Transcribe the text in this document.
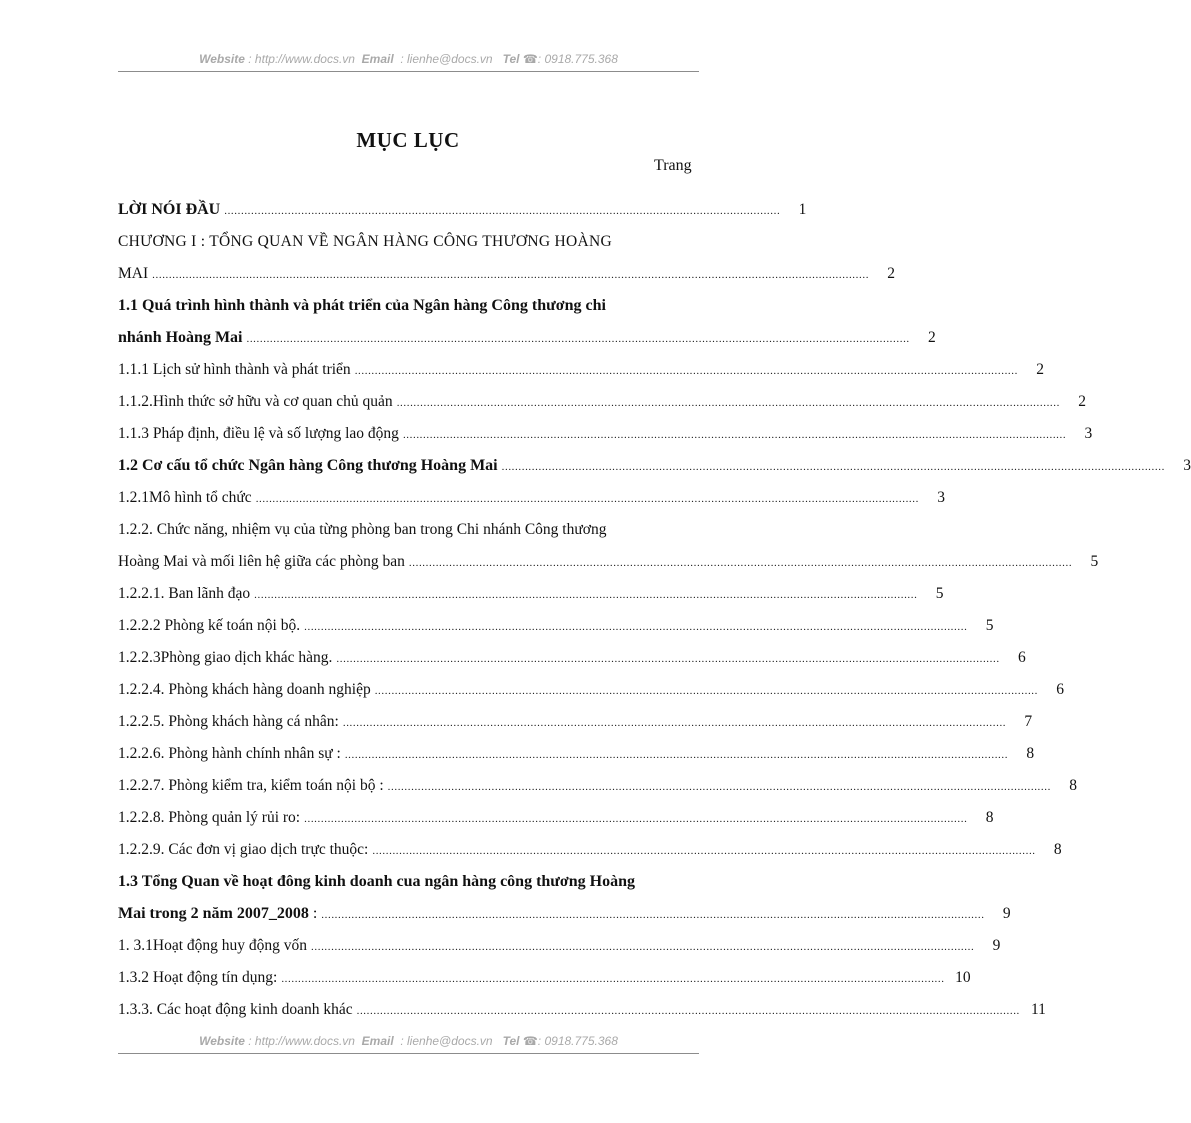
Website : http://www.docs.vn Email : lienhe@docs.vn Tel ☎: 0918.775.368
MỤC LỤC
Trang
LỜI NÓI ĐẦU ......................................................................................................................................................................	1
CHƯƠNG I : TỔNG QUAN VỀ NGÂN HÀNG CÔNG THƯƠNG HOÀNG
MAI ......................................................................................................................................................................................................................	2
1.1 Quá trình hình thành và phát triển của Ngân hàng Công thương chi
nhánh Hoàng Mai ......................................................................................................................................................................................................	2
1.1.1 Lịch sử hình thành và phát triển ......................................................................................................................................................................................................	2
1.1.2.Hình thức sở hữu và cơ quan chủ quản ......................................................................................................................................................................................................	2
1.1.3 Pháp định, điều lệ và số lượng lao động ......................................................................................................................................................................................................	3
1.2 Cơ cấu tổ chức Ngân hàng Công thương Hoàng Mai ......................................................................................................................................................................................................	3
1.2.1Mô hình tổ chức ......................................................................................................................................................................................................	3
1.2.2. Chức năng, nhiệm vụ của từng phòng ban trong Chi nhánh Công thương
Hoàng Mai và mối liên hệ giữa các phòng ban ......................................................................................................................................................................................................	5
1.2.2.1. Ban lãnh đạo ......................................................................................................................................................................................................	5
1.2.2.2 Phòng kế toán nội bộ. ......................................................................................................................................................................................................	5
1.2.2.3Phòng giao dịch khác hàng. ......................................................................................................................................................................................................	6
1.2.2.4. Phòng khách hàng doanh nghiệp ......................................................................................................................................................................................................	6
1.2.2.5. Phòng khách hàng cá nhân: ......................................................................................................................................................................................................	7
1.2.2.6. Phòng hành chính nhân sự : ......................................................................................................................................................................................................	8
1.2.2.7. Phòng kiểm tra, kiểm toán nội bộ : ......................................................................................................................................................................................................	8
1.2.2.8. Phòng quản lý rủi ro: ......................................................................................................................................................................................................	8
1.2.2.9. Các đơn vị giao dịch trực thuộc: ......................................................................................................................................................................................................	8
1.3 Tổng Quan về hoạt đông kinh doanh cua ngân hàng công thương Hoàng
Mai trong 2 năm 2007_2008 : ......................................................................................................................................................................................................	9
1. 3.1Hoạt động huy động vốn ......................................................................................................................................................................................................	9
1.3.2 Hoạt động tín dụng: ...................................................................................................................................................................................................... 10
1.3.3. Các hoạt động kinh doanh khác ...................................................................................................................................................................................................... 11
Website : http://www.docs.vn Email : lienhe@docs.vn Tel ☎: 0918.775.368
